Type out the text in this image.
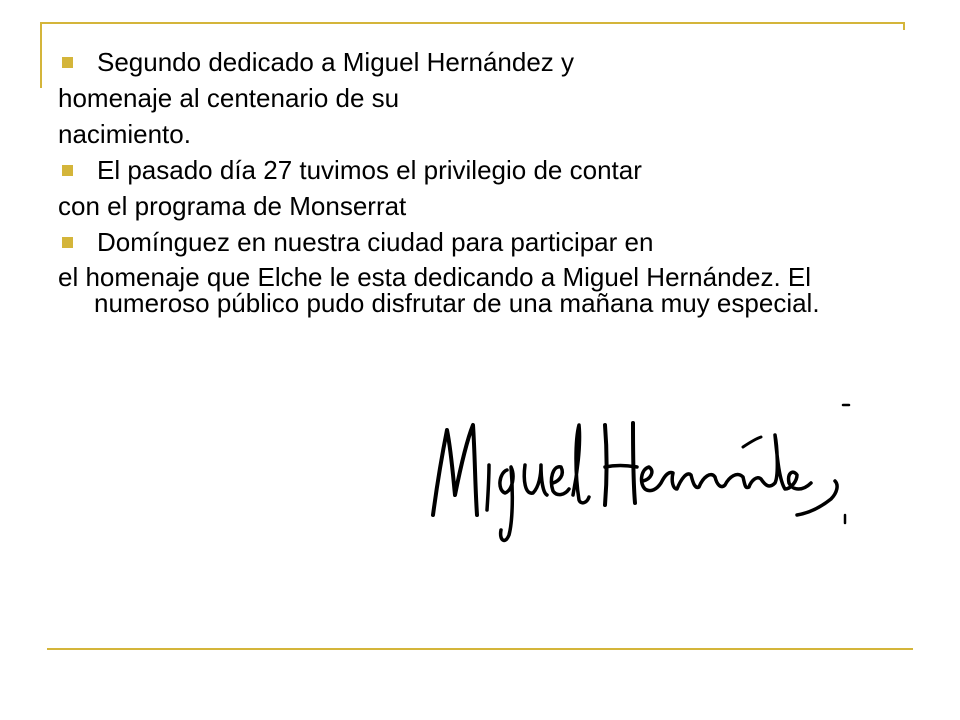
Segundo dedicado a Miguel Hernández y
homenaje al centenario de su
nacimiento.
El pasado día 27 tuvimos el privilegio de contar
con el programa de Monserrat
Domínguez en nuestra ciudad para participar en
el homenaje que Elche le esta dedicando a Miguel Hernández. El numeroso público pudo disfrutar de una mañana muy especial.
